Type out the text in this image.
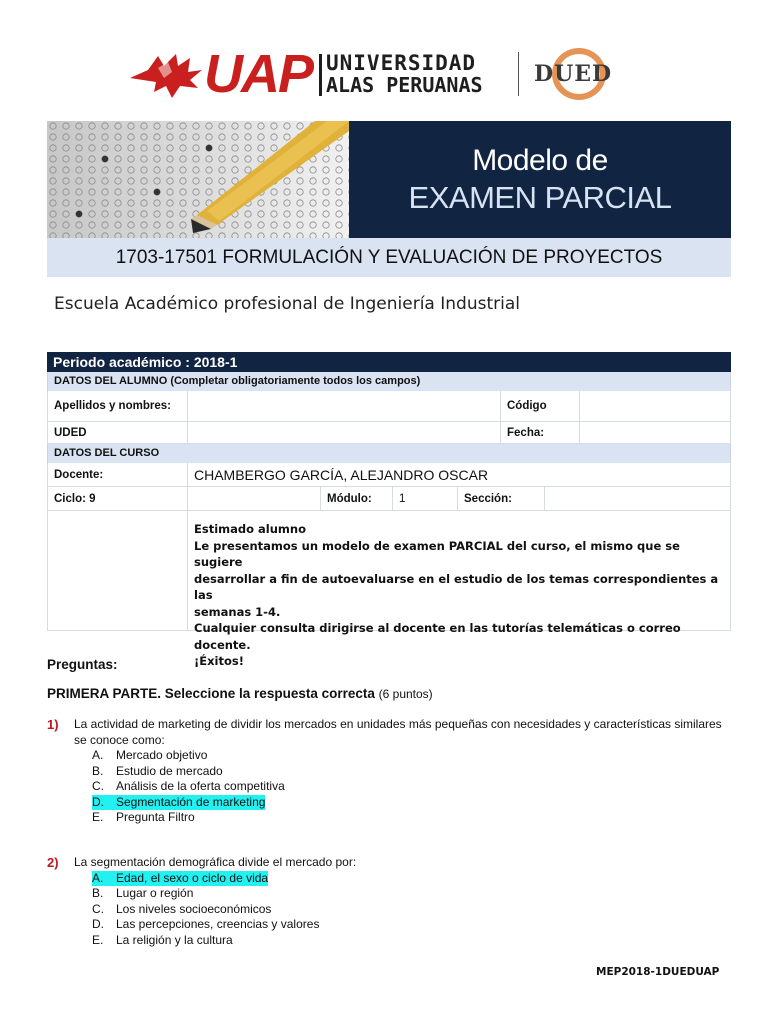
UAP UNIVERSIDAD
ALAS PERUANAS DUED
Modelo de
EXAMEN PARCIAL
1703-17501 FORMULACIÓN Y EVALUACIÓN DE PROYECTOS
Escuela Académico profesional de Ingeniería Industrial
Periodo académico : 2018-1
DATOS DEL ALUMNO (Completar obligatoriamente todos los campos)
Apellidos y nombres:	Código
UDED	Fecha:
DATOS DEL CURSO
Docente:	CHAMBERGO GARCÍA, ALEJANDRO OSCAR
Ciclo: 9	Módulo:	1	Sección:
Estimado alumno
Le presentamos un modelo de examen PARCIAL del curso, el mismo que se sugiere
desarrollar a fin de autoevaluarse en el estudio de los temas correspondientes a las
semanas 1-4.
Cualquier consulta dirigirse al docente en las tutorías telemáticas o correo docente.
¡Éxitos!
Preguntas:
PRIMERA PARTE. Seleccione la respuesta correcta (6 puntos)
1) La actividad de marketing de dividir los mercados en unidades más pequeñas con necesidades y características similares se conoce como:
A.	Mercado objetivo
B.	Estudio de mercado
C.	Análisis de la oferta competitiva
D.	Segmentación de marketing
E.	Pregunta Filtro
2) La segmentación demográfica divide el mercado por:
A.	Edad, el sexo o ciclo de vida
B.	Lugar o región
C.	Los niveles socioeconómicos
D.	Las percepciones, creencias y valores
E.	La religión y la cultura
MEP2018-1DUEDUAP
